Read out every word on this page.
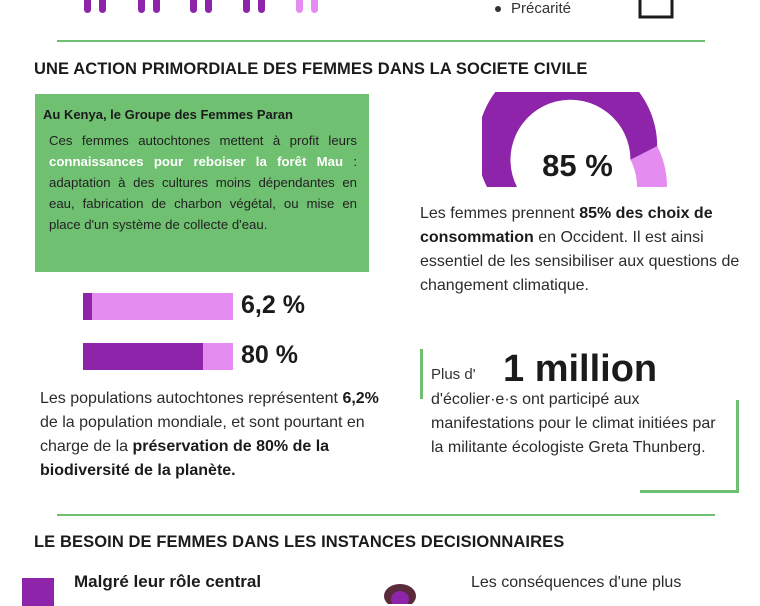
Précarité
UNE ACTION PRIMORDIALE DES FEMMES DANS LA SOCIETE CIVILE
Au Kenya, le Groupe des Femmes Paran
Ces femmes autochtones mettent à profit leurs connaissances pour reboiser la forêt Mau : adaptation à des cultures moins dépendantes en eau, fabrication de charbon végétal, ou mise en place d'un système de collecte d'eau.
6,2 %
80 %
Les populations autochtones représentent 6,2% de la population mondiale, et sont pourtant en charge de la préservation de 80% de la biodiversité de la planète.
85 %
Les femmes prennent 85% des choix de consommation en Occident. Il est ainsi essentiel de les sensibiliser aux questions de changement climatique.
Plus d' 1 million
d'écolier·e·s ont participé aux manifestations pour le climat initiées par la militante écologiste Greta Thunberg.
LE BESOIN DE FEMMES DANS LES INSTANCES DECISIONNAIRES
Malgré leur rôle central	Les conséquences d'une plus
